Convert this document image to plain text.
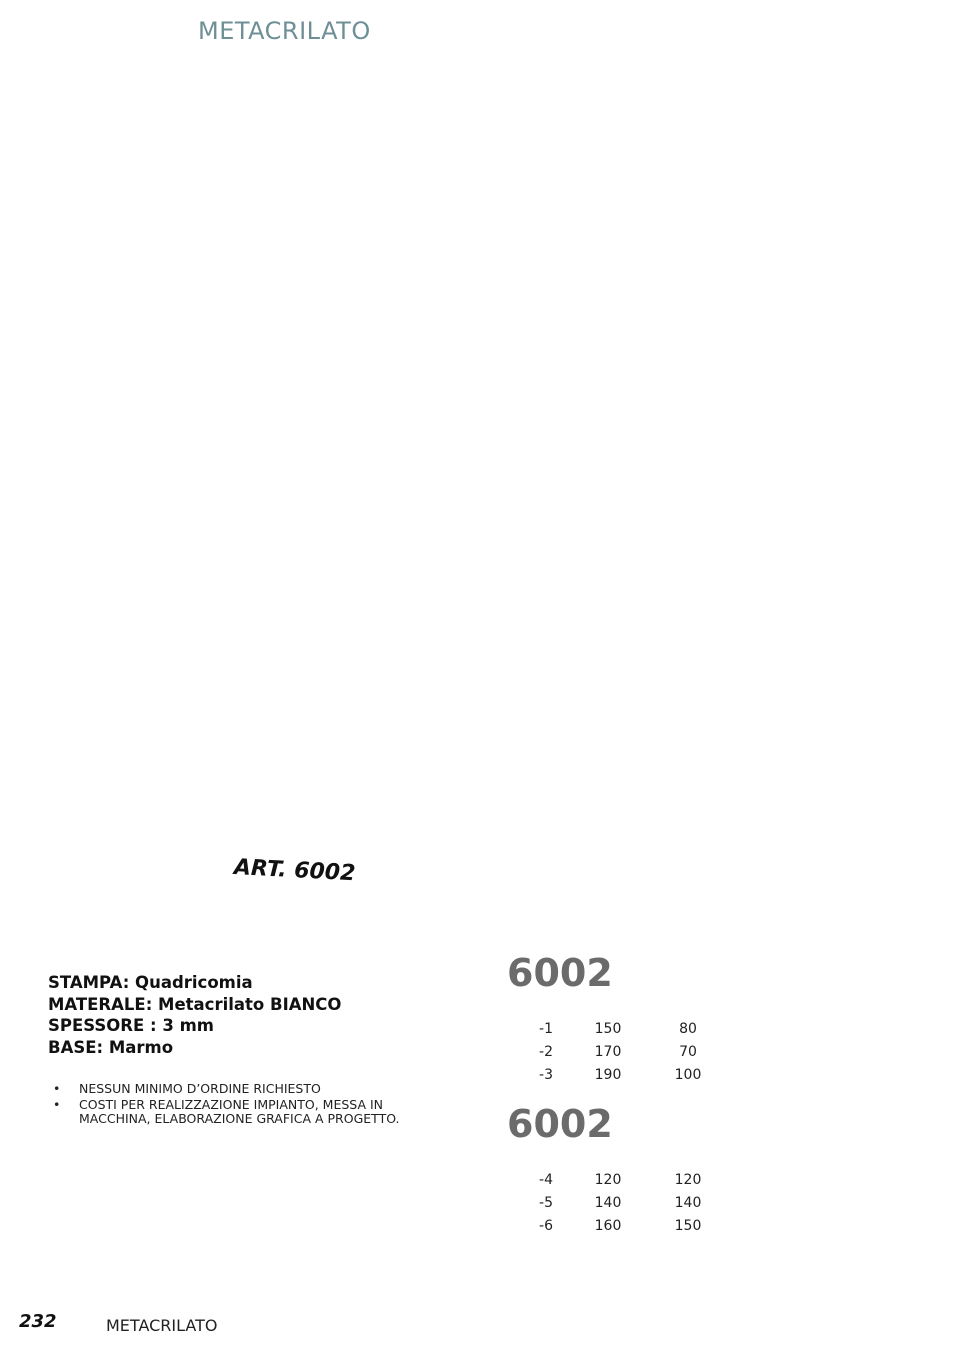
METACRILATO
ART. 6002
STAMPA: Quadricomia
MATERALE: Metacrilato BIANCO
SPESSORE : 3 mm
BASE: Marmo
• NESSUN MINIMO D’ORDINE RICHIESTO
• COSTI PER REALIZZAZIONE IMPIANTO, MESSA IN MACCHINA, ELABORAZIONE GRAFICA A PROGETTO.
6002
-1	150	80
-2	170	70
-3	190	100
6002
-4	120	120
-5	140	140
-6	160	150
232	METACRILATO
